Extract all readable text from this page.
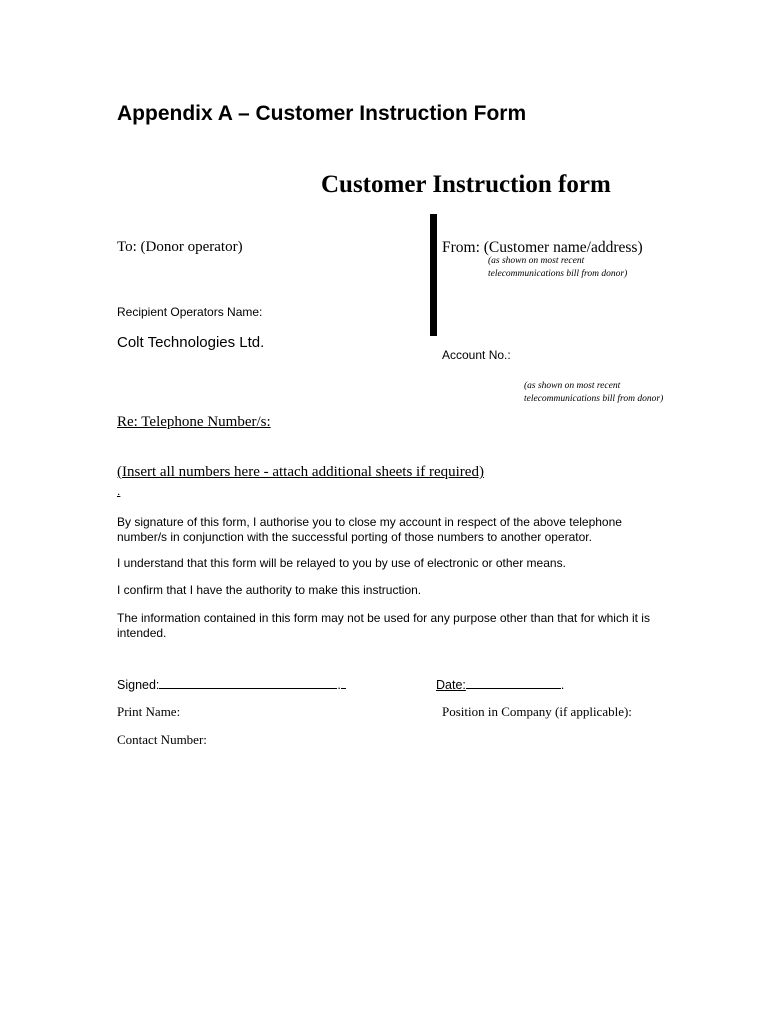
Appendix A – Customer Instruction Form
Customer Instruction form
To: (Donor operator)	From: (Customer name/address)
(as shown on most recent telecommunications bill from donor)
Recipient Operators Name:
Colt Technologies Ltd.
Account No.:
(as shown on most recent telecommunications bill from donor)
Re: Telephone Number/s:
(Insert all numbers here - attach additional sheets if required)
.
By signature of this form, I authorise you to close my account in respect of the above telephone number/s in conjunction with the successful porting of those numbers to another operator.
I understand that this form will be relayed to you by use of electronic or other means.
I confirm that I have the authority to make this instruction.
The information contained in this form may not be used for any purpose other than that for which it is intended.
Signed:	.	Date:	.
Print Name:	Position in Company (if applicable):
Contact Number:
